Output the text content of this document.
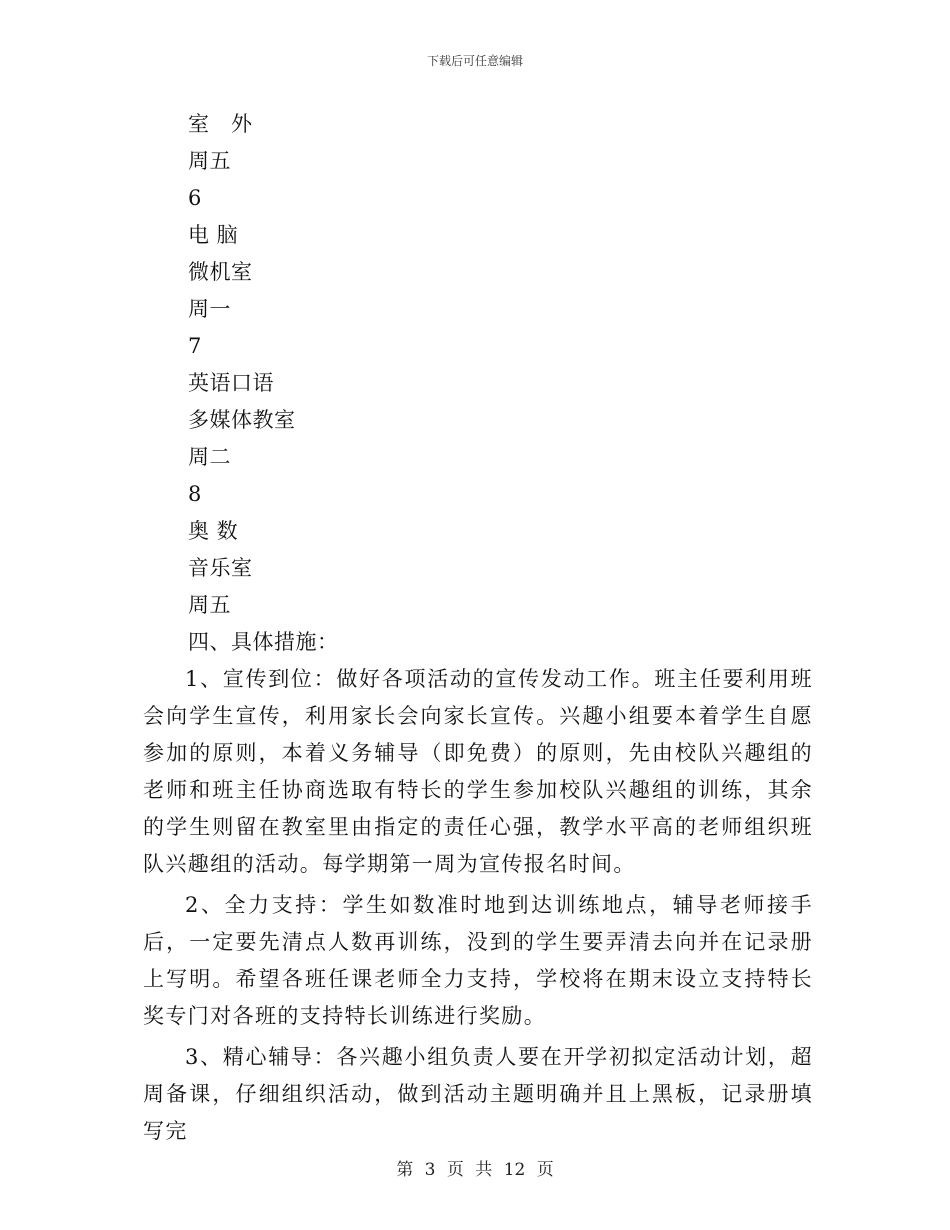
下载后可任意编辑
室　外
周五
6
电 脑
微机室
周一
7
英语口语
多媒体教室
周二
8
奥 数
音乐室
周五
四、具体措施：

1、宣传到位：做好各项活动的宣传发动工作。班主任要利用班会向学生宣传，利用家长会向家长宣传。兴趣小组要本着学生自愿参加的原则，本着义务辅导（即免费）的原则，先由校队兴趣组的老师和班主任协商选取有特长的学生参加校队兴趣组的训练，其余的学生则留在教室里由指定的责任心强，教学水平高的老师组织班队兴趣组的活动。每学期第一周为宣传报名时间。

2、全力支持：学生如数准时地到达训练地点，辅导老师接手后，一定要先清点人数再训练，没到的学生要弄清去向并在记录册上写明。希望各班任课老师全力支持，学校将在期末设立支持特长奖专门对各班的支持特长训练进行奖励。

3、精心辅导：各兴趣小组负责人要在开学初拟定活动计划，超周备课，仔细组织活动，做到活动主题明确并且上黑板，记录册填写完

第 3 页 共 12 页
